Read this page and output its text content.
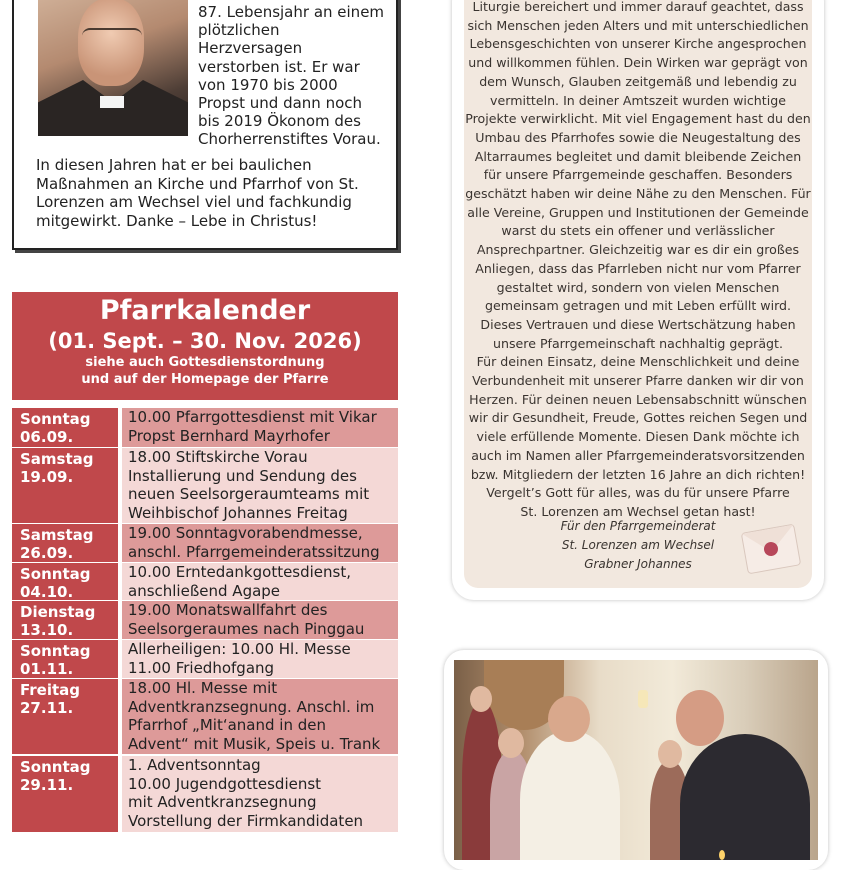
87. Lebensjahr an einem
plötzlichen
Herzversagen
verstorben ist. Er war
von 1970 bis 2000
Propst und dann noch
bis 2019 Ökonom des
Chorherrenstiftes Vorau.
In diesen Jahren hat er bei baulichen
Maßnahmen an Kirche und Pfarrhof von St.
Lorenzen am Wechsel viel und fachkundig
mitgewirkt. Danke – Lebe in Christus!
Pfarrkalender
(01. Sept. – 30. Nov. 2026)
siehe auch Gottesdienstordnung
und auf der Homepage der Pfarre
Sonntag
06.09.
10.00 Pfarrgottesdienst mit Vikar
Propst Bernhard Mayrhofer
Samstag
19.09.
18.00 Stiftskirche Vorau
Installierung und Sendung des
neuen Seelsorgeraumteams mit
Weihbischof Johannes Freitag
Samstag
26.09.
19.00 Sonntagvorabendmesse,
anschl. Pfarrgemeinderatssitzung
Sonntag
04.10.
10.00 Erntedankgottesdienst,
anschließend Agape
Dienstag
13.10.
19.00 Monatswallfahrt des
Seelsorgeraumes nach Pinggau
Sonntag
01.11.
Allerheiligen: 10.00 Hl. Messe
11.00 Friedhofgang
Freitag
27.11.
18.00 Hl. Messe mit
Adventkranzsegnung. Anschl. im
Pfarrhof „Mit‘anand in den
Advent“ mit Musik, Speis u. Trank
Sonntag
29.11.
1. Adventsonntag
10.00 Jugendgottesdienst
mit Adventkranzsegnung
Vorstellung der Firmkandidaten
Liturgie bereichert und immer darauf geachtet, dass
sich Menschen jeden Alters und mit unterschiedlichen
Lebensgeschichten von unserer Kirche angesprochen
und willkommen fühlen. Dein Wirken war geprägt von
dem Wunsch, Glauben zeitgemäß und lebendig zu
vermitteln. In deiner Amtszeit wurden wichtige
Projekte verwirklicht. Mit viel Engagement hast du den
Umbau des Pfarrhofes sowie die Neugestaltung des
Altarraumes begleitet und damit bleibende Zeichen
für unsere Pfarrgemeinde geschaffen. Besonders
geschätzt haben wir deine Nähe zu den Menschen. Für
alle Vereine, Gruppen und Institutionen der Gemeinde
warst du stets ein offener und verlässlicher
Ansprechpartner. Gleichzeitig war es dir ein großes
Anliegen, dass das Pfarrleben nicht nur vom Pfarrer
gestaltet wird, sondern von vielen Menschen
gemeinsam getragen und mit Leben erfüllt wird.
Dieses Vertrauen und diese Wertschätzung haben
unsere Pfarrgemeinschaft nachhaltig geprägt.
Für deinen Einsatz, deine Menschlichkeit und deine
Verbundenheit mit unserer Pfarre danken wir dir von
Herzen. Für deinen neuen Lebensabschnitt wünschen
wir dir Gesundheit, Freude, Gottes reichen Segen und
viele erfüllende Momente. Diesen Dank möchte ich
auch im Namen aller Pfarrgemeinderatsvorsitzenden
bzw. Mitgliedern der letzten 16 Jahre an dich richten!
Vergelt’s Gott für alles, was du für unsere Pfarre
St. Lorenzen am Wechsel getan hast!
Für den Pfarrgemeinderat
St. Lorenzen am Wechsel
Grabner Johannes
